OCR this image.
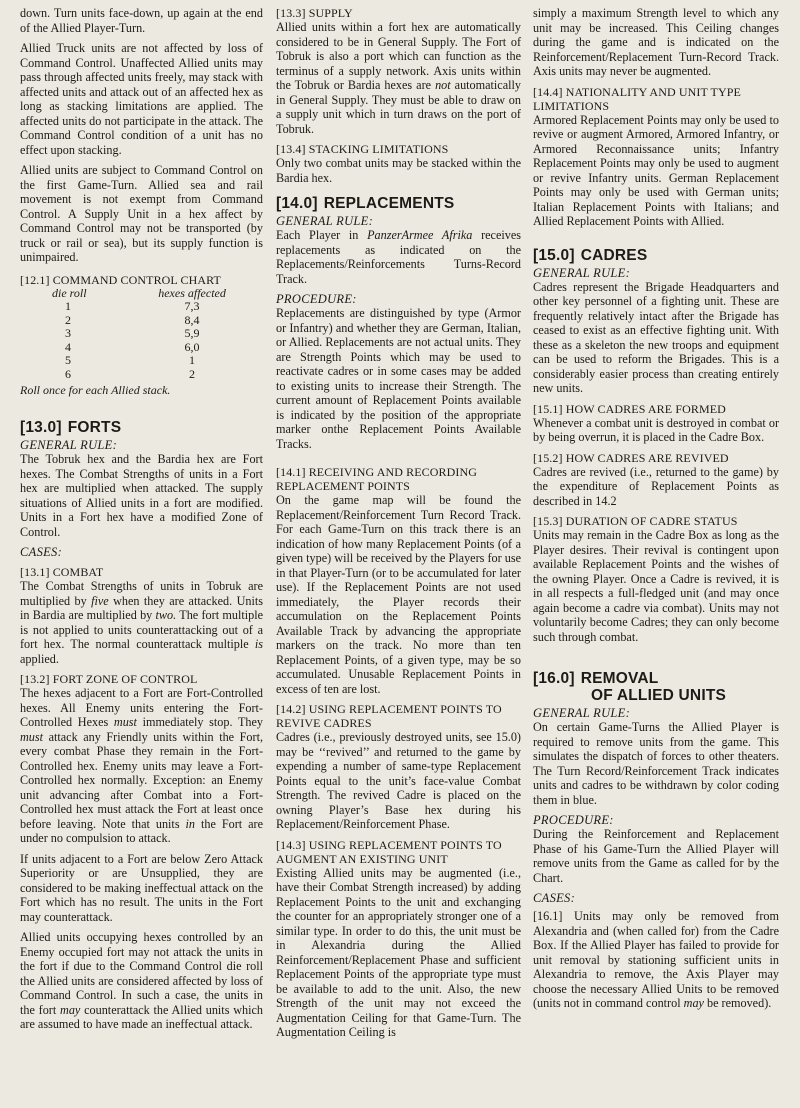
down. Turn units face-down, up again at the end of the Allied Player-Turn.

Allied Truck units are not affected by loss of Command Control. Unaffected Allied units may pass through affected units freely, may stack with affected units and attack out of an affected hex as long as stacking limitations are applied. The affected units do not participate in the attack. The Command Control condition of a unit has no effect upon stacking.

Allied units are subject to Command Control on the first Game-Turn. Allied sea and rail movement is not exempt from Command Control. A Supply Unit in a hex affect by Command Control may not be transported (by truck or rail or sea), but its supply function is unimpaired.

[12.1] COMMAND CONTROL CHART
die roll	hexes affected
1	7,3
2	8,4
3	5,9
4	6,0
5	1
6	2
Roll once for each Allied stack.
[13.0] FORTS
GENERAL RULE:

The Tobruk hex and the Bardia hex are Fort hexes. The Combat Strengths of units in a Fort hex are multiplied when attacked. The supply situations of Allied units in a fort are modified. Units in a Fort hex have a modified Zone of Control.

CASES:
[13.1] COMBAT

The Combat Strengths of units in Tobruk are multiplied by five when they are attacked. Units in Bardia are multiplied by two. The fort multiple is not applied to units counterattacking out of a fort hex. The normal counterattack multiple is applied.

[13.2] FORT ZONE OF CONTROL

The hexes adjacent to a Fort are Fort-Controlled hexes. All Enemy units entering the Fort-Controlled Hexes must immediately stop. They must attack any Friendly units within the Fort, every combat Phase they remain in the Fort-Controlled hex. Enemy units may leave a Fort-Controlled hex normally. Exception: an Enemy unit advancing after Combat into a Fort-Controlled hex must attack the Fort at least once before leaving. Note that units in the Fort are under no compulsion to attack.

If units adjacent to a Fort are below Zero Attack Superiority or are Unsupplied, they are considered to be making ineffectual attack on the Fort which has no result. The units in the Fort may counterattack.

Allied units occupying hexes controlled by an Enemy occupied fort may not attack the units in the fort if due to the Command Control die roll the Allied units are considered affected by loss of Command Control. In such a case, the units in the fort may counterattack the Allied units which are assumed to have made an ineffectual attack.

[13.3] SUPPLY

Allied units within a fort hex are automatically considered to be in General Supply. The Fort of Tobruk is also a port which can function as the terminus of a supply network. Axis units within the Tobruk or Bardia hexes are not automatically in General Supply. They must be able to draw on a supply unit which in turn draws on the port of Tobruk.

[13.4] STACKING LIMITATIONS

Only two combat units may be stacked within the Bardia hex.

[14.0] REPLACEMENTS
GENERAL RULE:

Each Player in PanzerArmee Afrika receives replacements as indicated on the Replacements/Reinforcements Turns-Record Track.

PROCEDURE:

Replacements are distinguished by type (Armor or Infantry) and whether they are German, Italian, or Allied. Replacements are not actual units. They are Strength Points which may be used to reactivate cadres or in some cases may be added to existing units to increase their Strength. The current amount of Replacement Points available is indicated by the position of the appropriate marker onthe Replacement Points Available Tracks.

[14.1] RECEIVING AND RECORDING REPLACEMENT POINTS

On the game map will be found the Replacement/Reinforcement Turn Record Track. For each Game-Turn on this track there is an indication of how many Replacement Points (of a given type) will be received by the Players for use in that Player-Turn (or to be accumulated for later use). If the Replacement Points are not used immediately, the Player records their accumulation on the Replacement Points Available Track by advancing the appropriate markers on the track. No more than ten Replacement Points, of a given type, may be so accumulated. Unusable Replacement Points in excess of ten are lost.

[14.2] USING REPLACEMENT POINTS TO REVIVE CADRES

Cadres (i.e., previously destroyed units, see 15.0) may be ‘‘revived’’ and returned to the game by expending a number of same-type Replacement Points equal to the unit’s face-value Combat Strength. The revived Cadre is placed on the owning Player’s Base hex during his Replacement/Reinforcement Phase.

[14.3] USING REPLACEMENT POINTS TO AUGMENT AN EXISTING UNIT

Existing Allied units may be augmented (i.e., have their Combat Strength increased) by adding Replacement Points to the unit and exchanging the counter for an appropriately stronger one of a similar type. In order to do this, the unit must be in Alexandria during the Allied Reinforcement/Replacement Phase and sufficient Replacement Points of the appropriate type must be available to add to the unit. Also, the new Strength of the unit may not exceed the Augmentation Ceiling for that Game-Turn. The Augmentation Ceiling is

simply a maximum Strength level to which any unit may be increased. This Ceiling changes during the game and is indicated on the Reinforcement/Replacement Turn-Record Track. Axis units may never be augmented.

[14.4] NATIONALITY AND UNIT TYPE LIMITATIONS

Armored Replacement Points may only be used to revive or augment Armored, Armored Infantry, or Armored Reconnaissance units; Infantry Replacement Points may only be used to augment or revive Infantry units. German Replacement Points may only be used with German units; Italian Replacement Points with Italians; and Allied Replacement Points with Allied.

[15.0] CADRES
GENERAL RULE:

Cadres represent the Brigade Headquarters and other key personnel of a fighting unit. These are frequently relatively intact after the Brigade has ceased to exist as an effective fighting unit. With these as a skeleton the new troops and equipment can be used to reform the Brigades. This is a considerably easier process than creating entirely new units.

[15.1] HOW CADRES ARE FORMED

Whenever a combat unit is destroyed in combat or by being overrun, it is placed in the Cadre Box.

[15.2] HOW CADRES ARE REVIVED

Cadres are revived (i.e., returned to the game) by the expenditure of Replacement Points as described in 14.2

[15.3] DURATION OF CADRE STATUS

Units may remain in the Cadre Box as long as the Player desires. Their revival is contingent upon available Replacement Points and the wishes of the owning Player. Once a Cadre is revived, it is in all respects a full-fledged unit (and may once again become a cadre via combat). Units may not voluntarily become Cadres; they can only become such through combat.

[16.0] REMOVAL
OF ALLIED UNITS
GENERAL RULE:

On certain Game-Turns the Allied Player is required to remove units from the game. This simulates the dispatch of forces to other theaters. The Turn Record/Reinforcement Track indicates units and cadres to be withdrawn by color coding them in blue.

PROCEDURE:

During the Reinforcement and Replacement Phase of his Game-Turn the Allied Player will remove units from the Game as called for by the Chart.

CASES:

[16.1] Units may only be removed from Alexandria and (when called for) from the Cadre Box. If the Allied Player has failed to provide for unit removal by stationing sufficient units in Alexandria to remove, the Axis Player may choose the necessary Allied Units to be removed (units not in command control may be removed).
